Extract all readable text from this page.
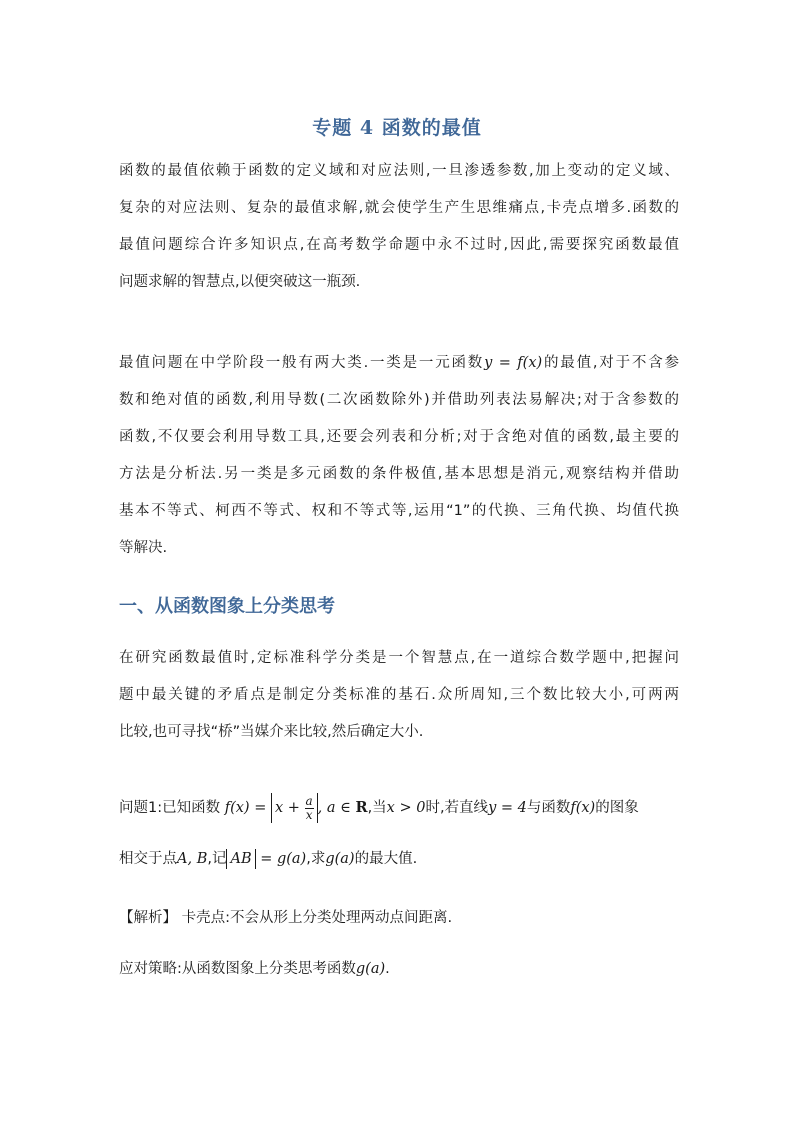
专题 4 函数的最值
函数的最值依赖于函数的定义域和对应法则,一旦渗透参数,加上变动的定义域、
复杂的对应法则、复杂的最值求解,就会使学生产生思维痛点,卡壳点增多.函数的
最值问题综合许多知识点,在高考数学命题中永不过时,因此,需要探究函数最值
问题求解的智慧点,以便突破这一瓶颈.
最值问题在中学阶段一般有两大类.一类是一元函数y = f(x)的最值,对于不含参
数和绝对值的函数,利用导数(二次函数除外)并借助列表法易解决;对于含参数的
函数,不仅要会利用导数工具,还要会列表和分析;对于含绝对值的函数,最主要的
方法是分析法.另一类是多元函数的条件极值,基本思想是消元,观察结构并借助
基本不等式、柯西不等式、权和不等式等,运用“1”的代换、三角代换、均值代换
等解决.
一、从函数图象上分类思考
在研究函数最值时,定标准科学分类是一个智慧点,在一道综合数学题中,把握问
题中最关键的矛盾点是制定分类标准的基石.众所周知,三个数比较大小,可两两
比较,也可寻找“桥”当媒介来比较,然后确定大小.
问题1:已知函数 $f(x) = x + \frac{a}{x}$ , a ∈ R,当x > 0时,若直线y = 4与函数f(x)的图象
相交于点A, B,记 AB = g(a),求g(a)的最大值.
【解析】 卡壳点:不会从形上分类处理两动点间距离.
应对策略:从函数图象上分类思考函数g(a).
